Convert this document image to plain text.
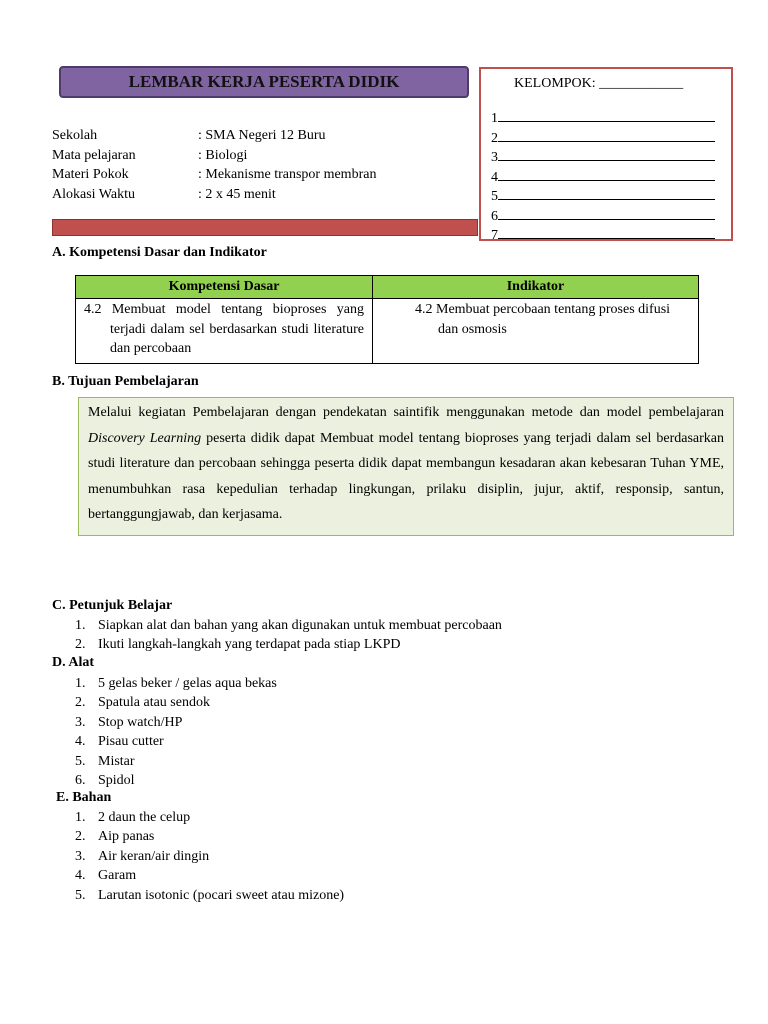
LEMBAR KERJA PESERTA DIDIK	KELOMPOK: ____________
1
2
3
4
5
6
7
Sekolah	: SMA Negeri 12 Buru
Mata pelajaran	: Biologi
Materi Pokok	: Mekanisme transpor membran
Alokasi Waktu	: 2 x 45 menit
A. Kompetensi Dasar dan Indikator
Kompetensi Dasar	Indikator

4.2 Membuat model tentang bioproses yang terjadi dalam sel berdasarkan studi literature dan percobaan	4.2 Membuat percobaan tentang proses difusi dan osmosis
B. Tujuan Pembelajaran
Melalui kegiatan Pembelajaran dengan pendekatan saintifik menggunakan metode dan model pembelajaran Discovery Learning peserta didik dapat Membuat model tentang bioproses yang terjadi dalam sel berdasarkan studi literature dan percobaan sehingga peserta didik dapat membangun kesadaran akan kebesaran Tuhan YME, menumbuhkan rasa kepedulian terhadap lingkungan, prilaku disiplin, jujur, aktif, responsip, santun, bertanggungjawab, dan kerjasama.
C. Petunjuk Belajar
1. Siapkan alat dan bahan yang akan digunakan untuk membuat percobaan
2. Ikuti langkah-langkah yang terdapat pada stiap LKPD
D. Alat
1. 5 gelas beker / gelas aqua bekas
2. Spatula atau sendok
3. Stop watch/HP
4. Pisau cutter
5. Mistar
6. Spidol
E. Bahan
1. 2 daun the celup
2. Aip panas
3. Air keran/air dingin
4. Garam
5. Larutan isotonic (pocari sweet atau mizone)
